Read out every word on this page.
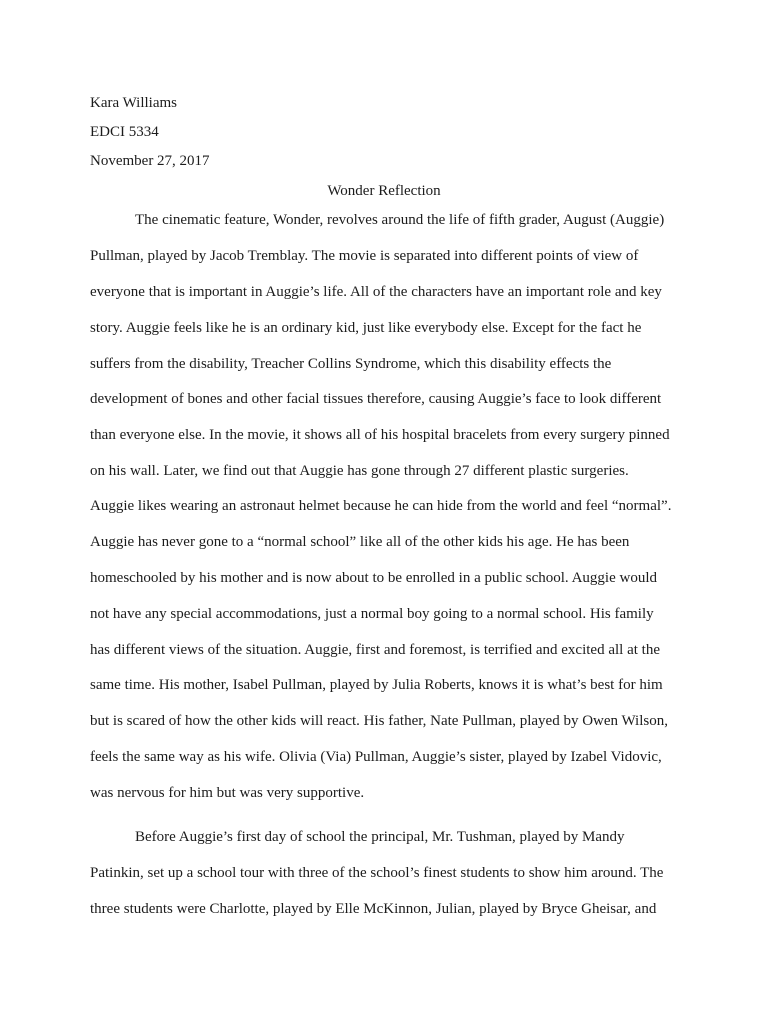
Kara Williams
EDCI 5334
November 27, 2017
Wonder Reflection
The cinematic feature, Wonder, revolves around the life of fifth grader, August (Auggie)
Pullman, played by Jacob Tremblay. The movie is separated into different points of view of
everyone that is important in Auggie’s life. All of the characters have an important role and key
story. Auggie feels like he is an ordinary kid, just like everybody else. Except for the fact he
suffers from the disability, Treacher Collins Syndrome, which this disability effects the
development of bones and other facial tissues therefore, causing Auggie’s face to look different
than everyone else. In the movie, it shows all of his hospital bracelets from every surgery pinned
on his wall. Later, we find out that Auggie has gone through 27 different plastic surgeries.
Auggie likes wearing an astronaut helmet because he can hide from the world and feel “normal”.
Auggie has never gone to a “normal school” like all of the other kids his age. He has been
homeschooled by his mother and is now about to be enrolled in a public school. Auggie would
not have any special accommodations, just a normal boy going to a normal school. His family
has different views of the situation. Auggie, first and foremost, is terrified and excited all at the
same time. His mother, Isabel Pullman, played by Julia Roberts, knows it is what’s best for him
but is scared of how the other kids will react. His father, Nate Pullman, played by Owen Wilson,
feels the same way as his wife. Olivia (Via) Pullman, Auggie’s sister, played by Izabel Vidovic,
was nervous for him but was very supportive.
Before Auggie’s first day of school the principal, Mr. Tushman, played by Mandy
Patinkin, set up a school tour with three of the school’s finest students to show him around. The
three students were Charlotte, played by Elle McKinnon, Julian, played by Bryce Gheisar, and
